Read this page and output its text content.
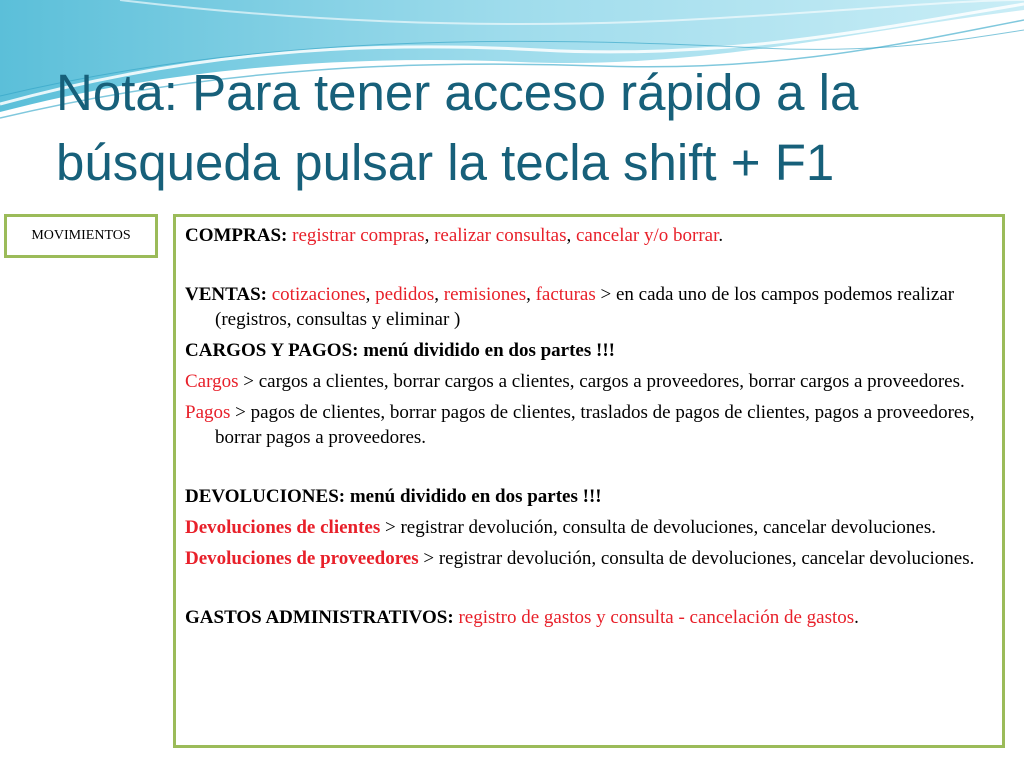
Nota: Para tener acceso rápido a la búsqueda pulsar la tecla shift + F1
MOVIMIENTOS	COMPRAS: registrar compras, realizar consultas, cancelar y/o borrar.

VENTAS: cotizaciones, pedidos, remisiones, facturas > en cada uno de los campos podemos realizar (registros, consultas y eliminar )

CARGOS Y PAGOS: menú dividido en dos partes !!!

Cargos > cargos a clientes, borrar cargos a clientes, cargos a proveedores, borrar cargos a proveedores.

Pagos > pagos de clientes, borrar pagos de clientes, traslados de pagos de clientes, pagos a proveedores, borrar pagos a proveedores.

DEVOLUCIONES: menú dividido en dos partes !!!

Devoluciones de clientes > registrar devolución, consulta de devoluciones, cancelar devoluciones.

Devoluciones de proveedores > registrar devolución, consulta de devoluciones, cancelar devoluciones.

GASTOS ADMINISTRATIVOS: registro de gastos y consulta - cancelación de gastos.
